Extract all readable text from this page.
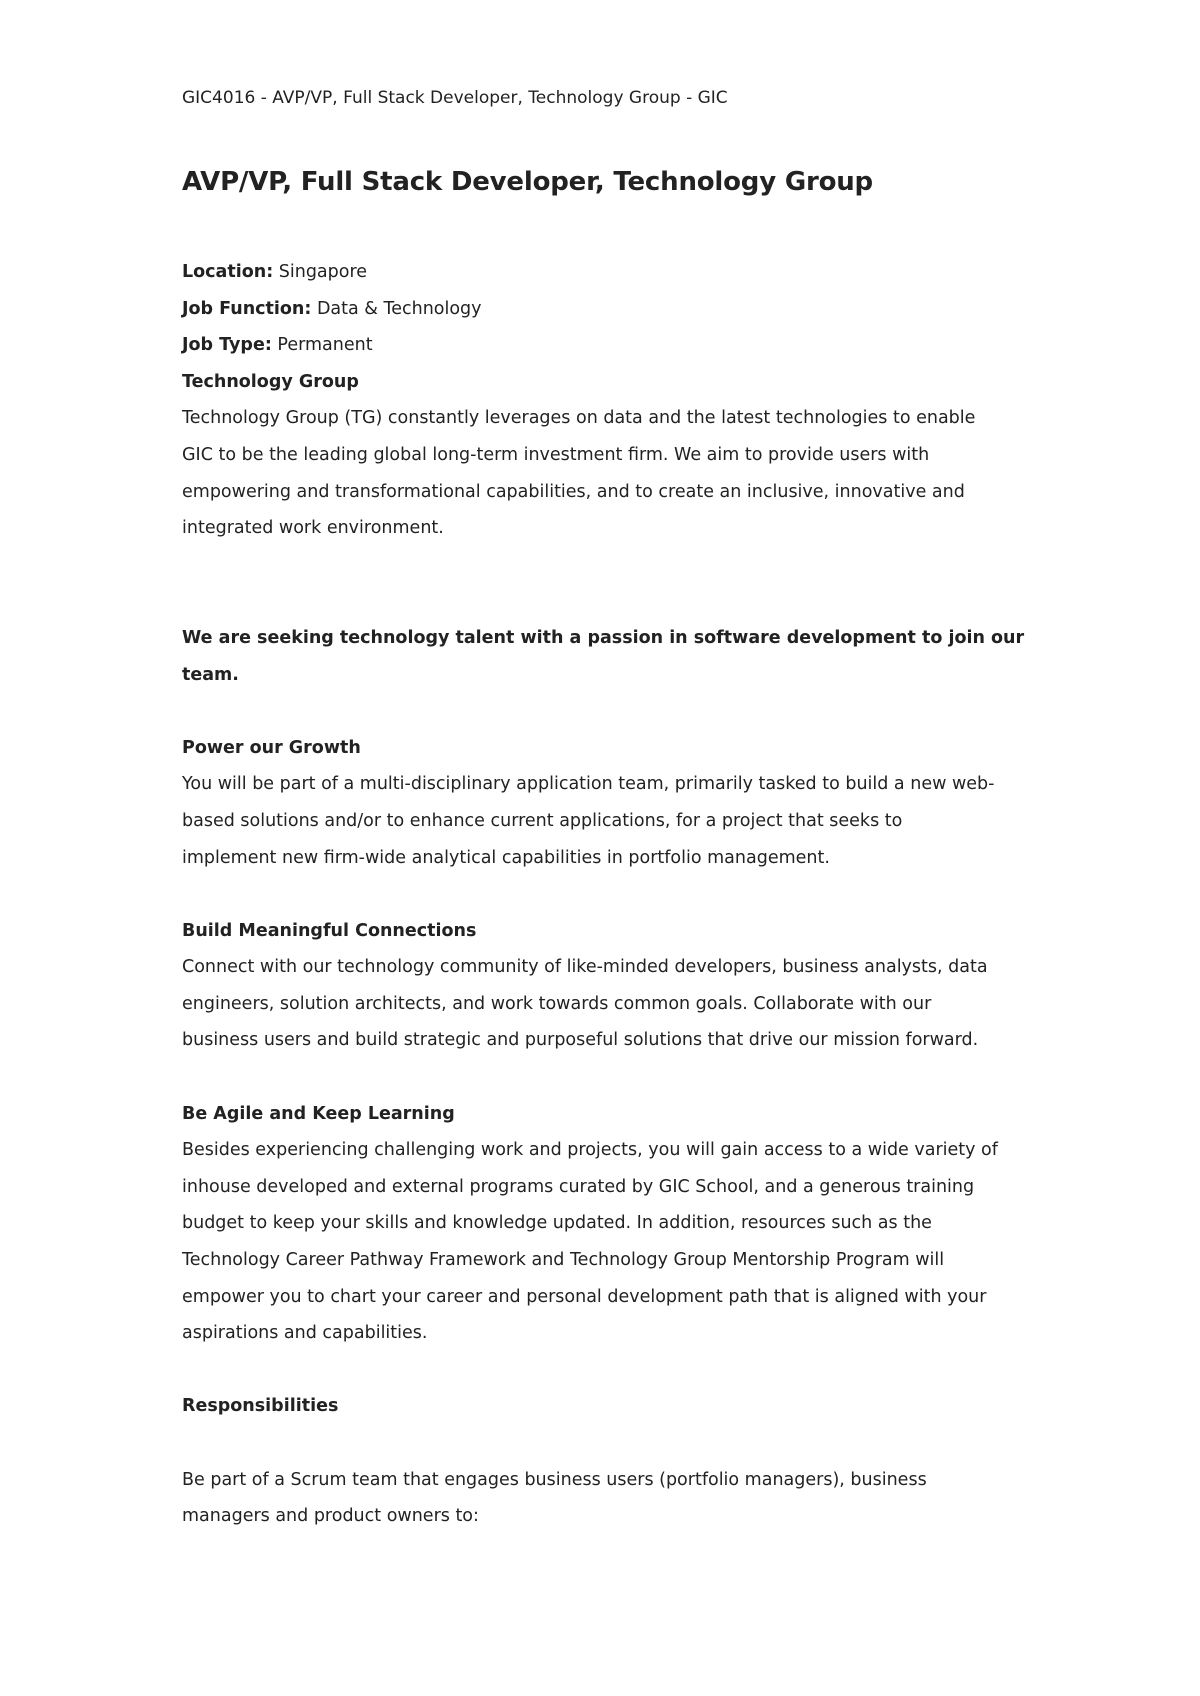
GIC4016 - AVP/VP, Full Stack Developer, Technology Group - GIC
AVP/VP, Full Stack Developer, Technology Group

Location: Singapore

Job Function: Data & Technology

Job Type: Permanent

Technology Group

Technology Group (TG) constantly leverages on data and the latest technologies to enable

GIC to be the leading global long-term investment firm. We aim to provide users with

empowering and transformational capabilities, and to create an inclusive, innovative and

integrated work environment.

We are seeking technology talent with a passion in software development to join our

team.

Power our Growth

You will be part of a multi-disciplinary application team, primarily tasked to build a new web-

based solutions and/or to enhance current applications, for a project that seeks to

implement new firm-wide analytical capabilities in portfolio management.

Build Meaningful Connections

Connect with our technology community of like-minded developers, business analysts, data

engineers, solution architects, and work towards common goals. Collaborate with our

business users and build strategic and purposeful solutions that drive our mission forward.

Be Agile and Keep Learning

Besides experiencing challenging work and projects, you will gain access to a wide variety of

inhouse developed and external programs curated by GIC School, and a generous training

budget to keep your skills and knowledge updated. In addition, resources such as the

Technology Career Pathway Framework and Technology Group Mentorship Program will

empower you to chart your career and personal development path that is aligned with your

aspirations and capabilities.

Responsibilities

Be part of a Scrum team that engages business users (portfolio managers), business

managers and product owners to:
